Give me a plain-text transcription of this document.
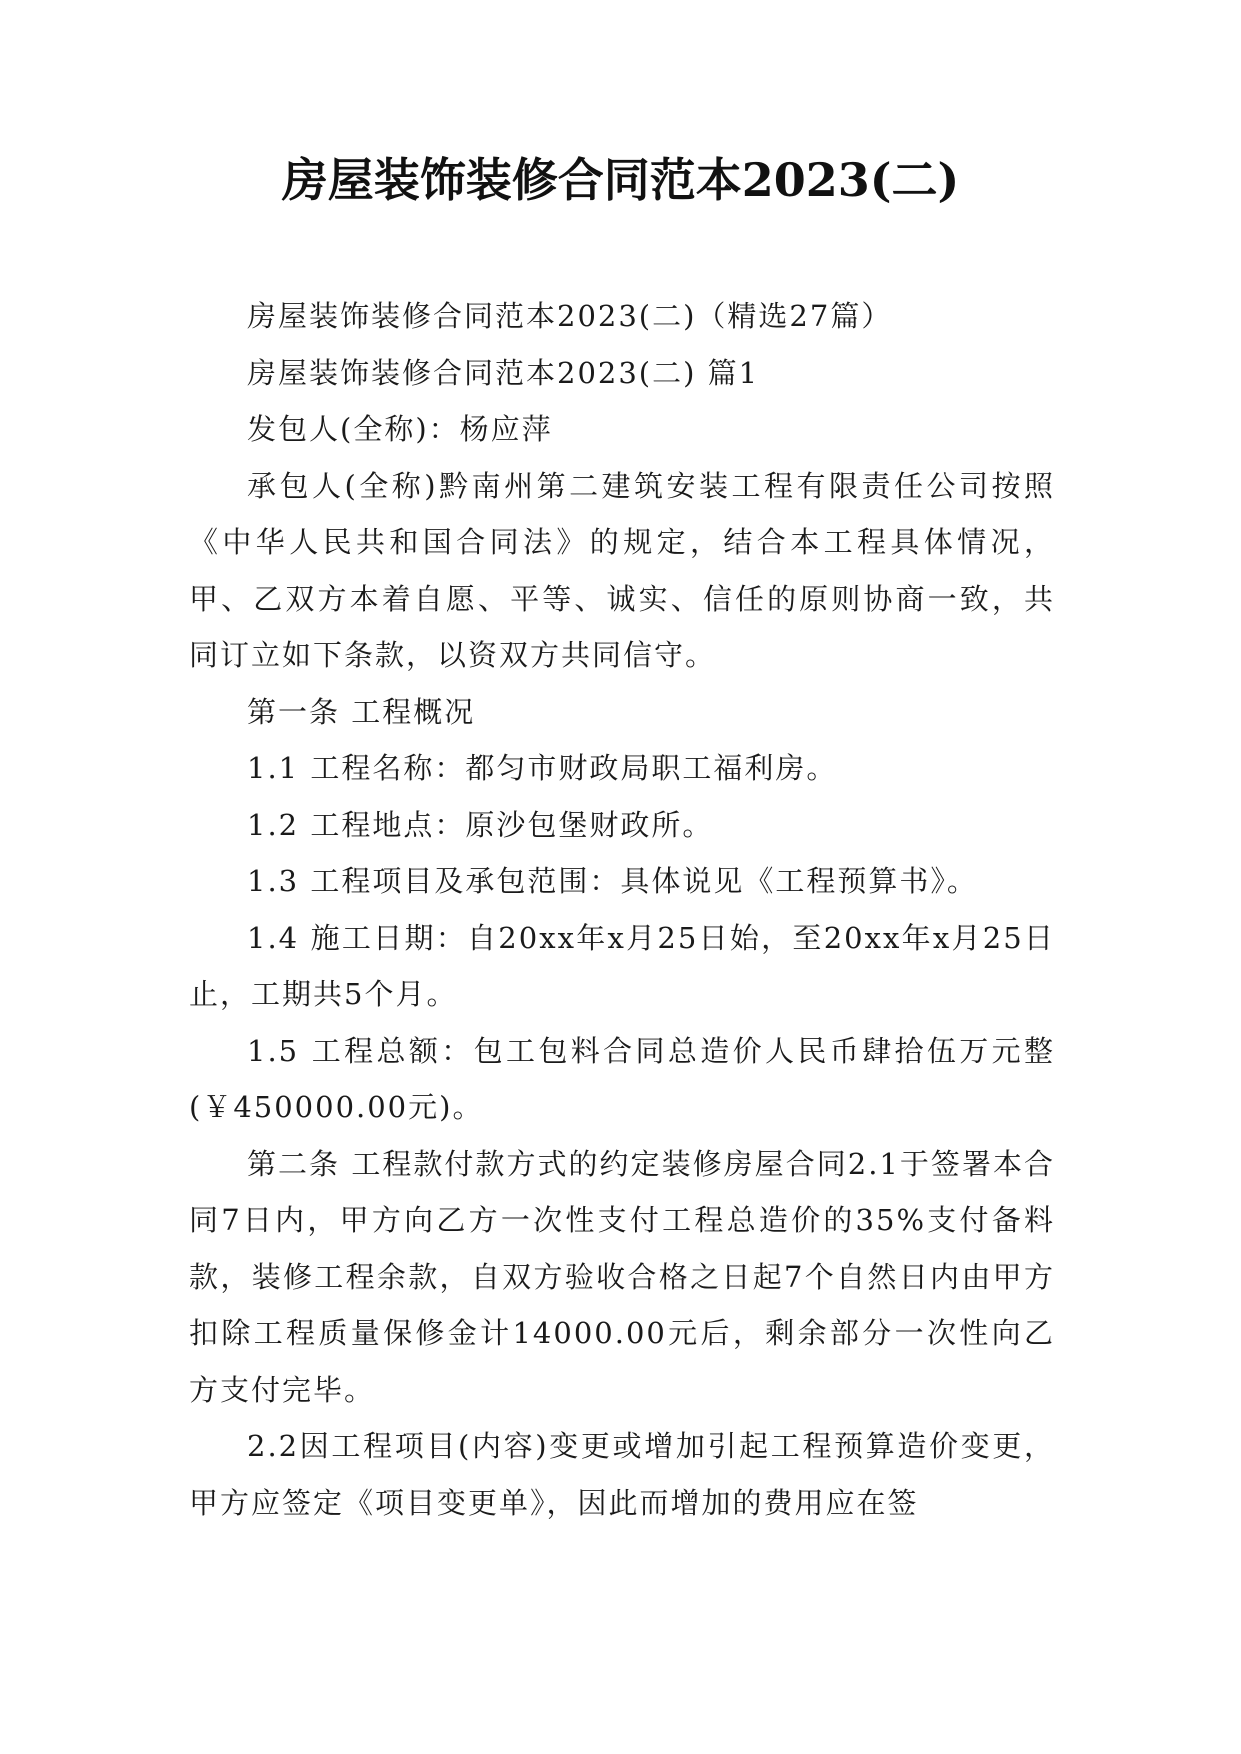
房屋装饰装修合同范本2023(二)

房屋装饰装修合同范本2023(二)（精选27篇）

房屋装饰装修合同范本2023(二) 篇1

发包人(全称)：杨应萍

承包人(全称)黔南州第二建筑安装工程有限责任公司按照《中华人民共和国合同法》的规定，结合本工程具体情况，甲、乙双方本着自愿、平等、诚实、信任的原则协商一致，共同订立如下条款，以资双方共同信守。

第一条 工程概况

1.1 工程名称：都匀市财政局职工福利房。

1.2 工程地点：原沙包堡财政所。

1.3 工程项目及承包范围：具体说见《工程预算书》。

1.4 施工日期：自20xx年x月25日始，至20xx年x月25日止，工期共5个月。

1.5 工程总额：包工包料合同总造价人民币肆拾伍万元整(￥450000.00元)。

第二条 工程款付款方式的约定装修房屋合同2.1于签署本合同7日内，甲方向乙方一次性支付工程总造价的35%支付备料款，装修工程余款，自双方验收合格之日起7个自然日内由甲方扣除工程质量保修金计14000.00元后，剩余部分一次性向乙方支付完毕。

2.2因工程项目(内容)变更或增加引起工程预算造价变更，甲方应签定《项目变更单》，因此而增加的费用应在签
